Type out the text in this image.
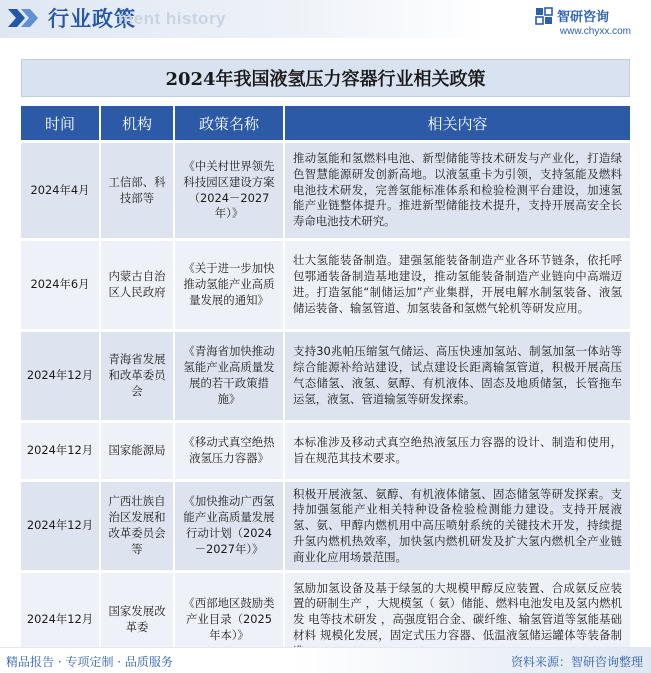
行业政策
ment history	智研咨询
www.chyxx.com
2024年我国液氢压力容器行业相关政策
时间	机构	政策名称	相关内容
2024年4月	工信部、科技部等	《中关村世界领先科技园区建设方案（2024－2027年）》	推动氢能和氢燃料电池、新型储能等技术研发与产业化，打造绿色智慧能源研发创新高地。以液氢重卡为引领，支持氢能及燃料电池技术研发，完善氢能标准体系和检验检测平台建设，加速氢能产业链整体提升。推进新型储能技术提升，支持开展高安全长寿命电池技术研究。
2024年6月	内蒙古自治区人民政府	《关于进一步加快推动氢能产业高质量发展的通知》	壮大氢能装备制造。建强氢能装备制造产业各环节链条，依托呼包鄂通装备制造基地建设，推动氢能装备制造产业链向中高端迈进。打造氢能“制储运加”产业集群，开展电解水制氢装备、液氢储运装备、输氢管道、加氢装备和氢燃气轮机等研发应用。
2024年12月	青海省发展和改革委员会	《青海省加快推动氢能产业高质量发展的若干政策措施》	支持30兆帕压缩氢气储运、高压快速加氢站、制氢加氢一体站等综合能源补给站建设，试点建设长距离输氢管道，积极开展高压气态储氢、液氢、氨醇、有机液体、固态及地质储氢，长管拖车运氢，液氢、管道输氢等研发探索。
2024年12月	国家能源局	《移动式真空绝热液氢压力容器》	本标准涉及移动式真空绝热液氢压力容器的设计、制造和使用，旨在规范其技术要求。
2024年12月	广西壮族自治区发展和改革委员会等	《加快推动广西氢能产业高质量发展行动计划（2024－2027年）》	积极开展液氢、氨醇、有机液体储氢、固态储氢等研发探索。支持加强氢能产业相关特种设备检验检测能力建设。支持开展液氢、氨、甲醇内燃机用中高压喷射系统的关键技术开发，持续提升氢内燃机热效率，加快氢内燃机研发及扩大氢内燃机全产业链商业化应用场景范围。
2024年12月	国家发展改革委	《西部地区鼓励类产业目录（2025年本）》	氢励加氢设备及基于绿氢的大规模甲醇反应装置、合成氨反应装 置的研制生产 ，大规模氢（ 氨）储能、燃料电池发电及氢内燃机发 电等技术研发 ，高强度铝合金、碳纤维、输氢管道等氢能基础材料 规模化发展，固定式压力容器、低温液氢储运罐体等装备制
精品报告 · 专项定制 · 品质服务	资料来源：智研咨询整理
